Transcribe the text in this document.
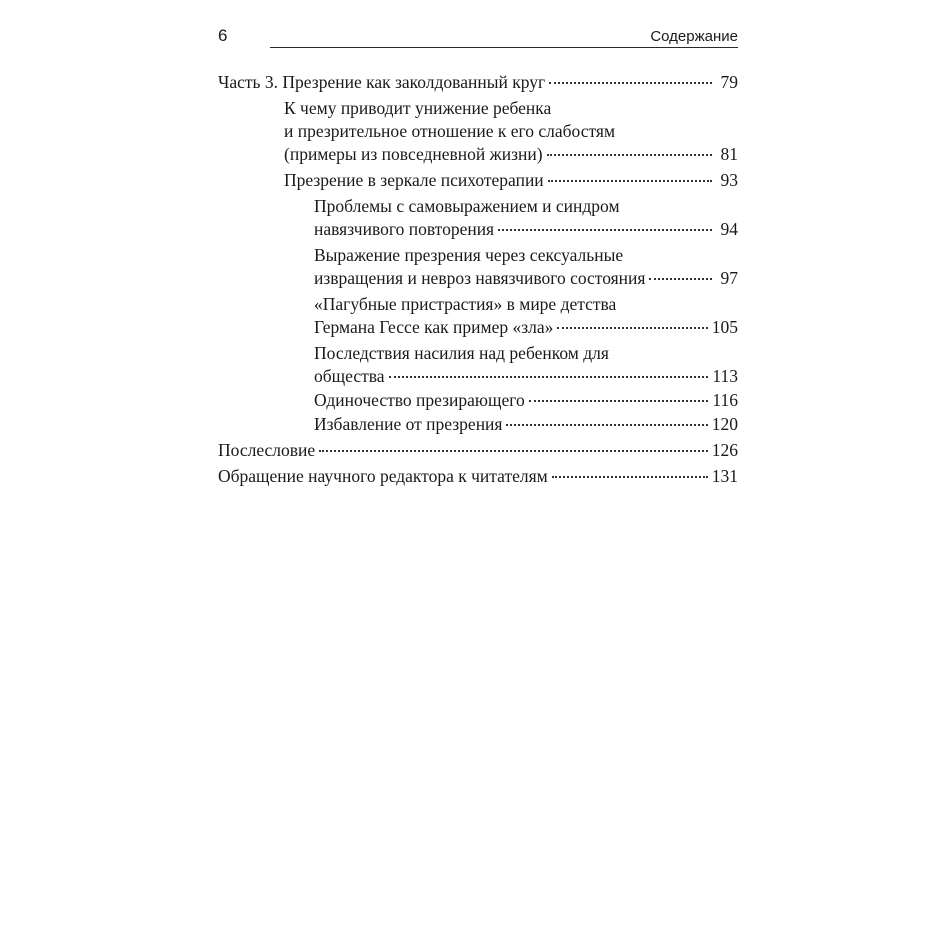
6	Содержание
Часть 3. Презрение как заколдованный круг	79
К чему приводит унижение ребенка
и презрительное отношение к его слабостям
(примеры из повседневной жизни)	81
Презрение в зеркале психотерапии	93
Проблемы с самовыражением и синдром
навязчивого повторения	94
Выражение презрения через сексуальные
извращения и невроз навязчивого состояния	97
«Пагубные пристрастия» в мире детства
Германа Гессе как пример «зла»	105
Последствия насилия над ребенком для
общества	113
Одиночество презирающего	116
Избавление от презрения	120
Послесловие	126
Обращение научного редактора к читателям	131
